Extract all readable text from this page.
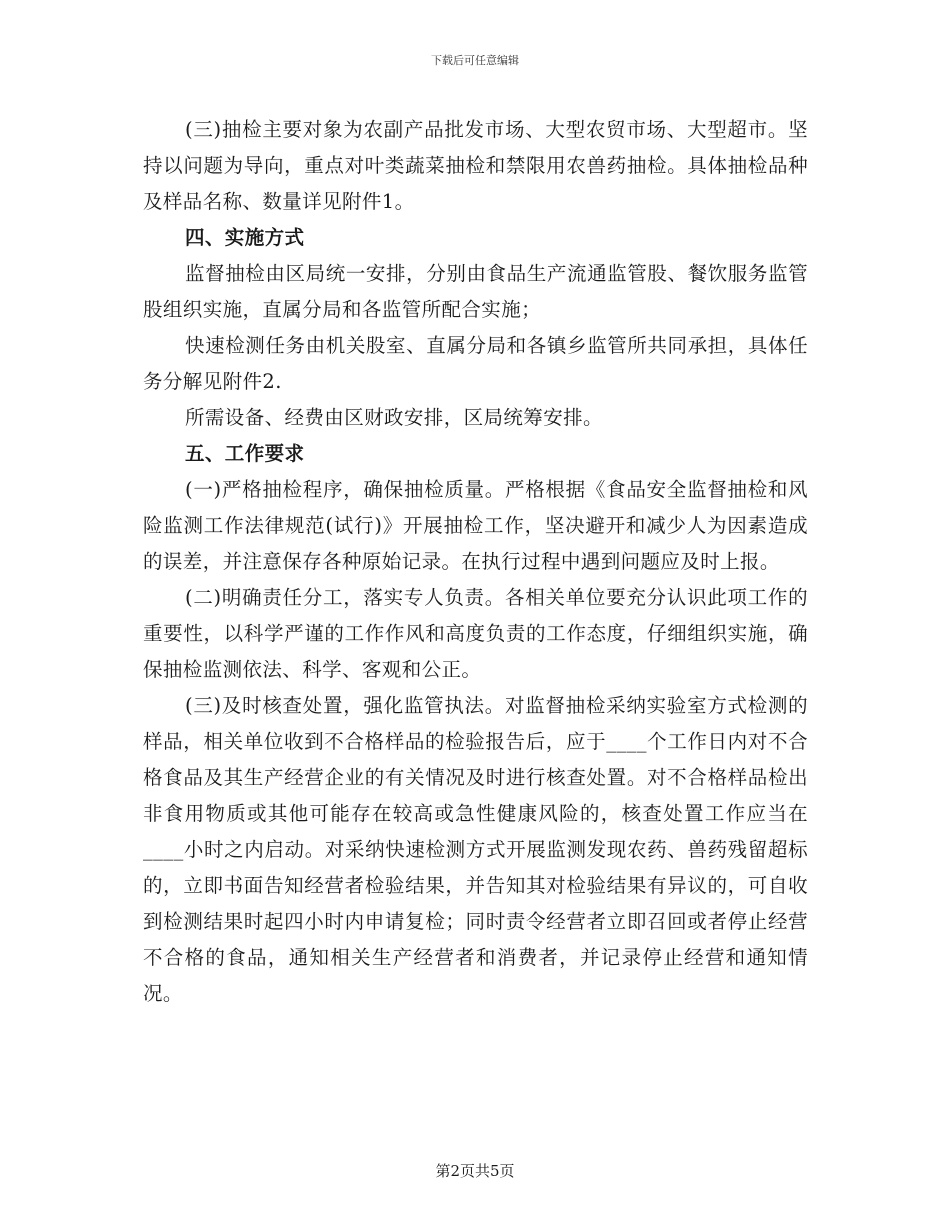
下载后可任意编辑

(三)抽检主要对象为农副产品批发市场、大型农贸市场、大型超市。坚持以问题为导向，重点对叶类蔬菜抽检和禁限用农兽药抽检。具体抽检品种及样品名称、数量详见附件1。

四、实施方式

监督抽检由区局统一安排，分别由食品生产流通监管股、餐饮服务监管股组织实施，直属分局和各监管所配合实施；

快速检测任务由机关股室、直属分局和各镇乡监管所共同承担，具体任务分解见附件2.

所需设备、经费由区财政安排，区局统筹安排。

五、工作要求

(一)严格抽检程序，确保抽检质量。严格根据《食品安全监督抽检和风险监测工作法律规范(试行)》开展抽检工作，坚决避开和减少人为因素造成的误差，并注意保存各种原始记录。在执行过程中遇到问题应及时上报。

(二)明确责任分工，落实专人负责。各相关单位要充分认识此项工作的重要性，以科学严谨的工作作风和高度负责的工作态度，仔细组织实施，确保抽检监测依法、科学、客观和公正。

(三)及时核查处置，强化监管执法。对监督抽检采纳实验室方式检测的样品，相关单位收到不合格样品的检验报告后，应于____个工作日内对不合格食品及其生产经营企业的有关情况及时进行核查处置。对不合格样品检出非食用物质或其他可能存在较高或急性健康风险的，核查处置工作应当在____小时之内启动。对采纳快速检测方式开展监测发现农药、兽药残留超标的，立即书面告知经营者检验结果，并告知其对检验结果有异议的，可自收到检测结果时起四小时内申请复检；同时责令经营者立即召回或者停止经营不合格的食品，通知相关生产经营者和消费者，并记录停止经营和通知情况。

第2页共5页
